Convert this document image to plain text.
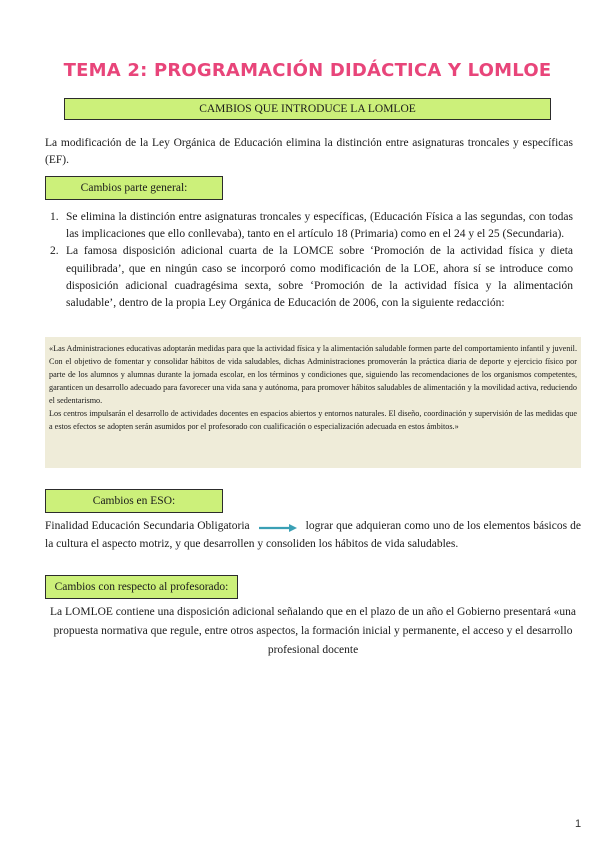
TEMA 2: PROGRAMACIÓN DIDÁCTICA Y LOMLOE
CAMBIOS QUE INTRODUCE LA LOMLOE
La modificación de la Ley Orgánica de Educación elimina la distinción entre asignaturas troncales y específicas (EF).
Cambios parte general:
1. Se elimina la distinción entre asignaturas troncales y específicas, (Educación Física a las segundas, con todas las implicaciones que ello conllevaba), tanto en el artículo 18 (Primaria) como en el 24 y el 25 (Secundaria).
2. La famosa disposición adicional cuarta de la LOMCE sobre ‘Promoción de la actividad física y dieta equilibrada’, que en ningún caso se incorporó como modificación de la LOE, ahora sí se introduce como disposición adicional cuadragésima sexta, sobre ‘Promoción de la actividad física y la alimentación saludable’, dentro de la propia Ley Orgánica de Educación de 2006, con la siguiente redacción:

«Las Administraciones educativas adoptarán medidas para que la actividad física y la alimentación saludable formen parte del comportamiento infantil y juvenil. Con el objetivo de fomentar y consolidar hábitos de vida saludables, dichas Administraciones promoverán la práctica diaria de deporte y ejercicio físico por parte de los alumnos y alumnas durante la jornada escolar, en los términos y condiciones que, siguiendo las recomendaciones de los organismos competentes, garanticen un desarrollo adecuado para favorecer una vida sana y autónoma, para promover hábitos saludables de alimentación y la movilidad activa, reduciendo el sedentarismo.

Los centros impulsarán el desarrollo de actividades docentes en espacios abiertos y entornos naturales. El diseño, coordinación y supervisión de las medidas que a estos efectos se adopten serán asumidos por el profesorado con cualificación o especialización adecuada en estos ámbitos.»

Cambios en ESO:
Finalidad Educación Secundaria Obligatoria	lograr que adquieran como uno de los elementos básicos de la cultura el aspecto motriz, y que desarrollen y consoliden los hábitos de vida saludables.
Cambios con respecto al profesorado:
La LOMLOE contiene una disposición adicional señalando que en el plazo de un año el Gobierno presentará «una propuesta normativa que regule, entre otros aspectos, la formación inicial y permanente, el acceso y el desarrollo profesional docente
1
